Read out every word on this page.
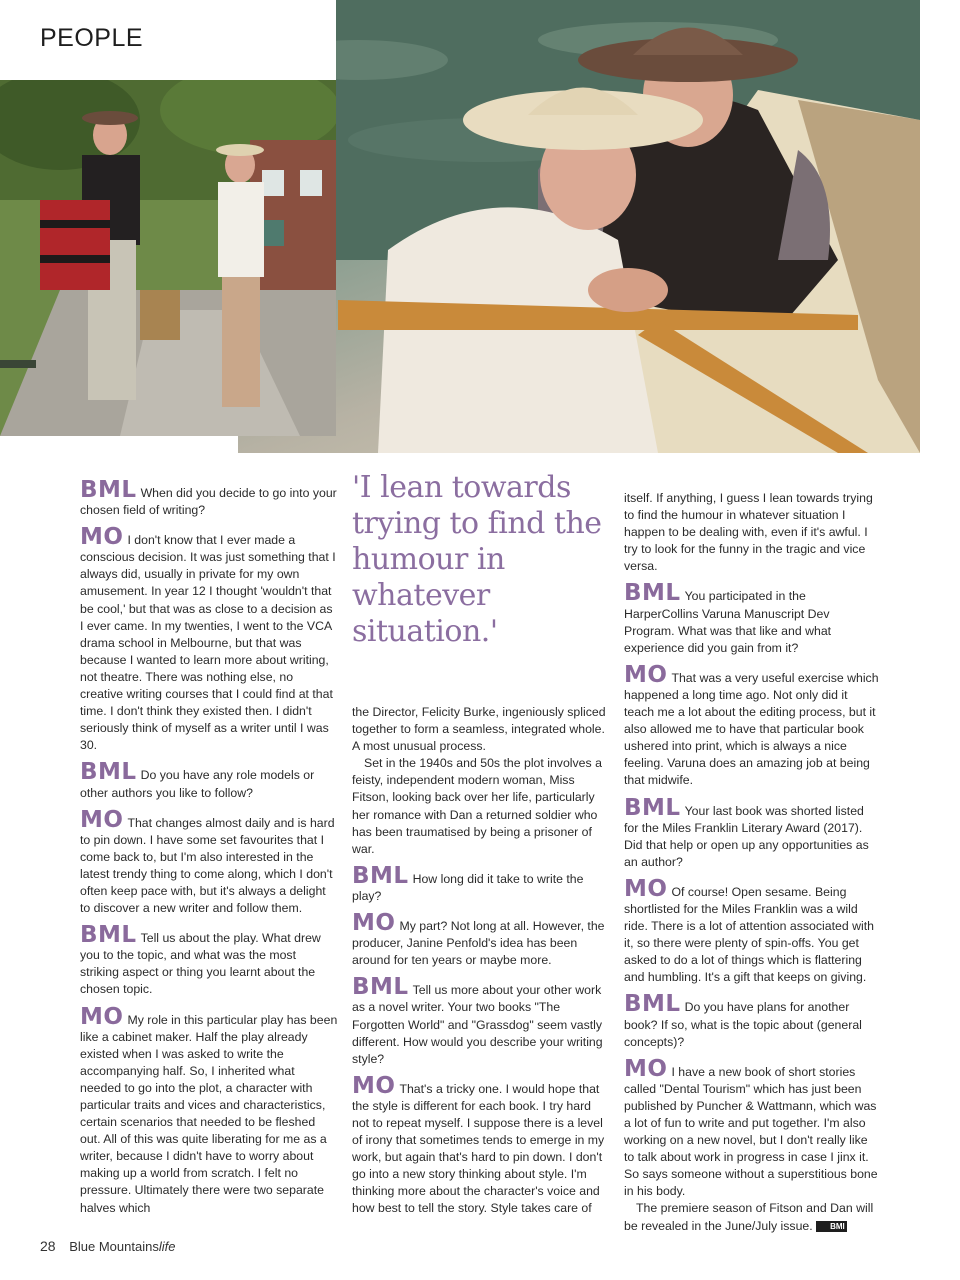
PEOPLE
BML When did you decide to go into your chosen field of writing?
MO I don't know that I ever made a conscious decision. It was just something that I always did, usually in private for my own amusement. In year 12 I thought 'wouldn't that be cool,' but that was as close to a decision as I ever came. In my twenties, I went to the VCA drama school in Melbourne, but that was because I wanted to learn more about writing, not theatre. There was nothing else, no creative writing courses that I could find at that time. I don't think they existed then. I didn't seriously think of myself as a writer until I was 30.
BML Do you have any role models or other authors you like to follow?
MO That changes almost daily and is hard to pin down. I have some set favourites that I come back to, but I'm also interested in the latest trendy thing to come along, which I don't often keep pace with, but it's always a delight to discover a new writer and follow them.
BML Tell us about the play. What drew you to the topic, and what was the most striking aspect or thing you learnt about the chosen topic.
MO My role in this particular play has been like a cabinet maker. Half the play already existed when I was asked to write the accompanying half. So, I inherited what needed to go into the plot, a character with particular traits and vices and characteristics, certain scenarios that needed to be fleshed out. All of this was quite liberating for me as a writer, because I didn't have to worry about making up a world from scratch. I felt no pressure. Ultimately there were two separate halves which
'I lean towards trying to find the humour in whatever situation.'

the Director, Felicity Burke, ingeniously spliced together to form a seamless, integrated whole. A most unusual process.

Set in the 1940s and 50s the plot involves a feisty, independent modern woman, Miss Fitson, looking back over her life, particularly her romance with Dan a returned soldier who has been traumatised by being a prisoner of war.

BML How long did it take to write the play?
MO My part? Not long at all. However, the producer, Janine Penfold's idea has been around for ten years or maybe more.
BML Tell us more about your other work as a novel writer. Your two books "The Forgotten World" and "Grassdog" seem vastly different. How would you describe your writing style?
MO That's a tricky one. I would hope that the style is different for each book. I try hard not to repeat myself. I suppose there is a level of irony that sometimes tends to emerge in my work, but again that's hard to pin down. I don't go into a new story thinking about style. I'm thinking more about the character's voice and how best to tell the story. Style takes care of

itself. If anything, I guess I lean towards trying to find the humour in whatever situation I happen to be dealing with, even if it's awful. I try to look for the funny in the tragic and vice versa.

BML You participated in the HarperCollins Varuna Manuscript Dev Program. What was that like and what experience did you gain from it?
MO That was a very useful exercise which happened a long time ago. Not only did it teach me a lot about the editing process, but it also allowed me to have that particular book ushered into print, which is always a nice feeling. Varuna does an amazing job at being that midwife.
BML Your last book was shorted listed for the Miles Franklin Literary Award (2017). Did that help or open up any opportunities as an author?
MO Of course! Open sesame. Being shortlisted for the Miles Franklin was a wild ride. There is a lot of attention associated with it, so there were plenty of spin-offs. You get asked to do a lot of things which is flattering and humbling. It's a gift that keeps on giving.
BML Do you have plans for another book? If so, what is the topic about (general concepts)?
MO I have a new book of short stories called "Dental Tourism" which has just been published by Puncher & Wattmann, which was a lot of fun to write and put together. I'm also working on a new novel, but I don't really like to talk about work in progress in case I jinx it. So says someone without a superstitious bone in his body.

The premiere season of Fitson and Dan will be revealed in the June/July issue. BMl

28 Blue Mountainslife
